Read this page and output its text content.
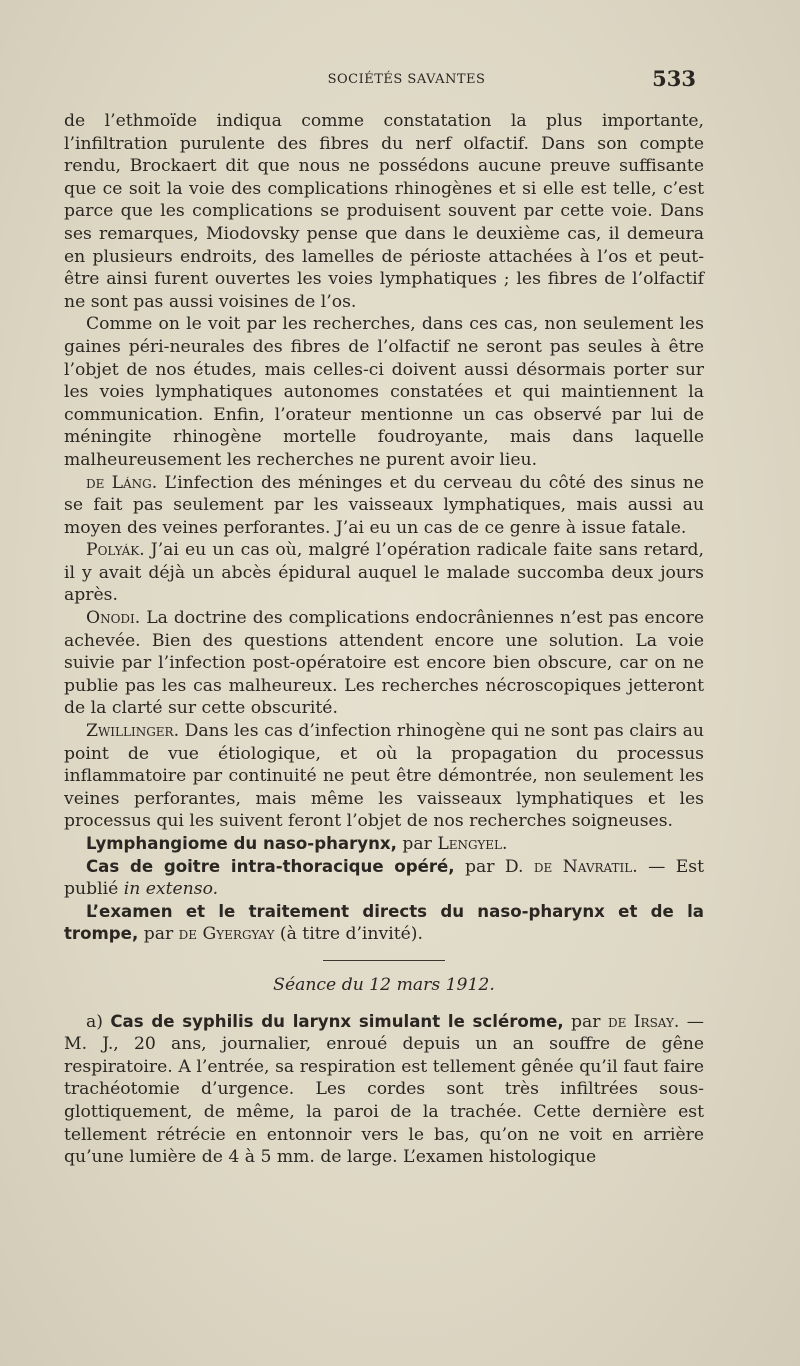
SOCIÉTÉS SAVANTES	533

de l’ethmoïde indiqua comme constatation la plus importante, l’infiltration purulente des fibres du nerf olfactif. Dans son compte rendu, Brockaert dit que nous ne possédons aucune preuve suffisante que ce soit la voie des complications rhinogènes et si elle est telle, c’est parce que les complications se produisent souvent par cette voie. Dans ses remarques, Miodovsky pense que dans le deuxième cas, il demeura en plusieurs endroits, des lamelles de périoste attachées à l’os et peut-être ainsi furent ouvertes les voies lymphatiques ; les fibres de l’olfactif ne sont pas aussi voisines de l’os.

Comme on le voit par les recherches, dans ces cas, non seulement les gaines péri-neurales des fibres de l’olfactif ne seront pas seules à être l’objet de nos études, mais celles-ci doivent aussi désormais porter sur les voies lymphatiques autonomes constatées et qui maintiennent la communication. Enfin, l’orateur mentionne un cas observé par lui de méningite rhinogène mortelle foudroyante, mais dans laquelle malheureusement les recherches ne purent avoir lieu.

de Láng. L’infection des méninges et du cerveau du côté des sinus ne se fait pas seulement par les vaisseaux lymphatiques, mais aussi au moyen des veines perforantes. J’ai eu un cas de ce genre à issue fatale.

Polyák. J’ai eu un cas où, malgré l’opération radicale faite sans retard, il y avait déjà un abcès épidural auquel le malade succomba deux jours après.

Onodi. La doctrine des complications endocrâniennes n’est pas encore achevée. Bien des questions attendent encore une solution. La voie suivie par l’infection post-opératoire est encore bien obscure, car on ne publie pas les cas malheureux. Les recherches nécroscopiques jetteront de la clarté sur cette obscurité.

Zwillinger. Dans les cas d’infection rhinogène qui ne sont pas clairs au point de vue étiologique, et où la propagation du processus inflammatoire par continuité ne peut être démontrée, non seulement les veines perforantes, mais même les vaisseaux lymphatiques et les processus qui les suivent feront l’objet de nos recherches soigneuses.

Lymphangiome du naso-pharynx, par Lengyel.

Cas de goitre intra-thoracique opéré, par D. de Navratil. — Est publié in extenso.

L’examen et le traitement directs du naso-pharynx et de la trompe, par de Gyergyay (à titre d’invité).

Séance du 12 mars 1912.

a) Cas de syphilis du larynx simulant le sclérome, par de Irsay. — M. J., 20 ans, journalier, enroué depuis un an souffre de gêne respiratoire. A l’entrée, sa respiration est tellement gênée qu’il faut faire trachéotomie d’urgence. Les cordes sont très infiltrées sous-glottiquement, de même, la paroi de la trachée. Cette dernière est tellement rétrécie en entonnoir vers le bas, qu’on ne voit en arrière qu’une lumière de 4 à 5 mm. de large. L’examen histologique
